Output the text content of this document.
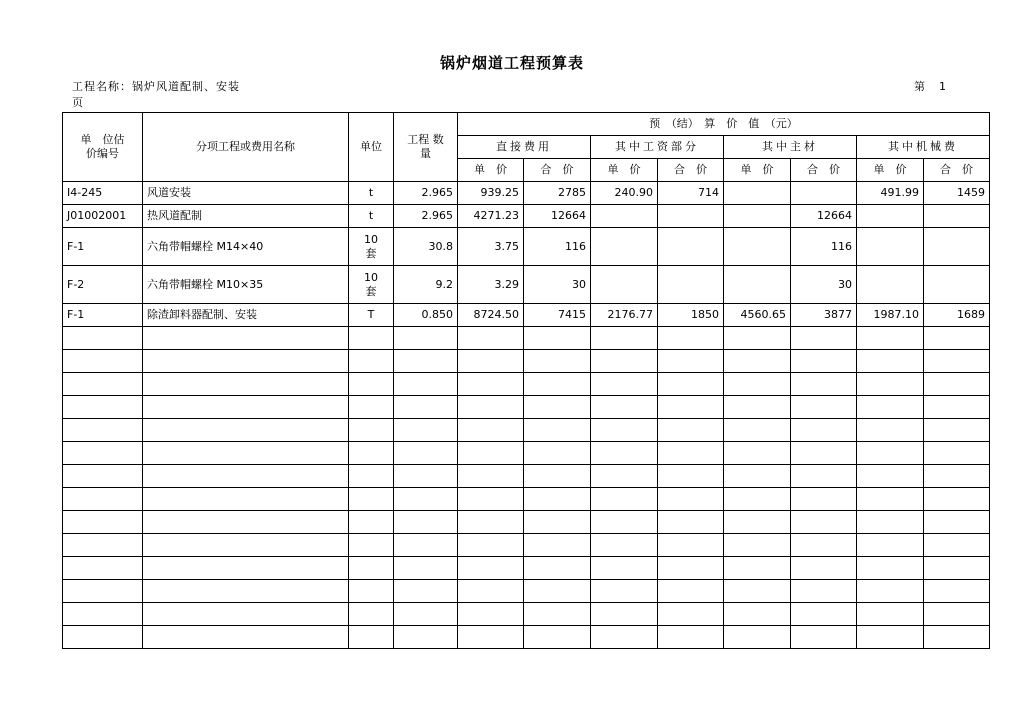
锅炉烟道工程预算表
工程名称：锅炉风道配制、安装
页
第 1
单　位估
价编号	分项工程或费用名称	单位	工程 数
量	预　（结）　算　价　值　（元）							
				直接费用		其中工资部分		其中主材		其中机械费	
				单　价	合　价	单　价	合　价	单　价	合　价	单　价	合　价
I4-245	风道安装	t	2.965	939.25	2785	240.90	714			491.99	1459
J01002001	热风道配制	t	2.965	4271.23	12664				12664		
F-1	六角带帽螺栓 M14×40	10
套	30.8	3.75	116				116		
F-2	六角带帽螺栓 M10×35	10
套	9.2	3.29	30				30		
F-1	除渣卸料器配制、安装	T	0.850	8724.50	7415	2176.77	1850	4560.65	3877	1987.10	1689
